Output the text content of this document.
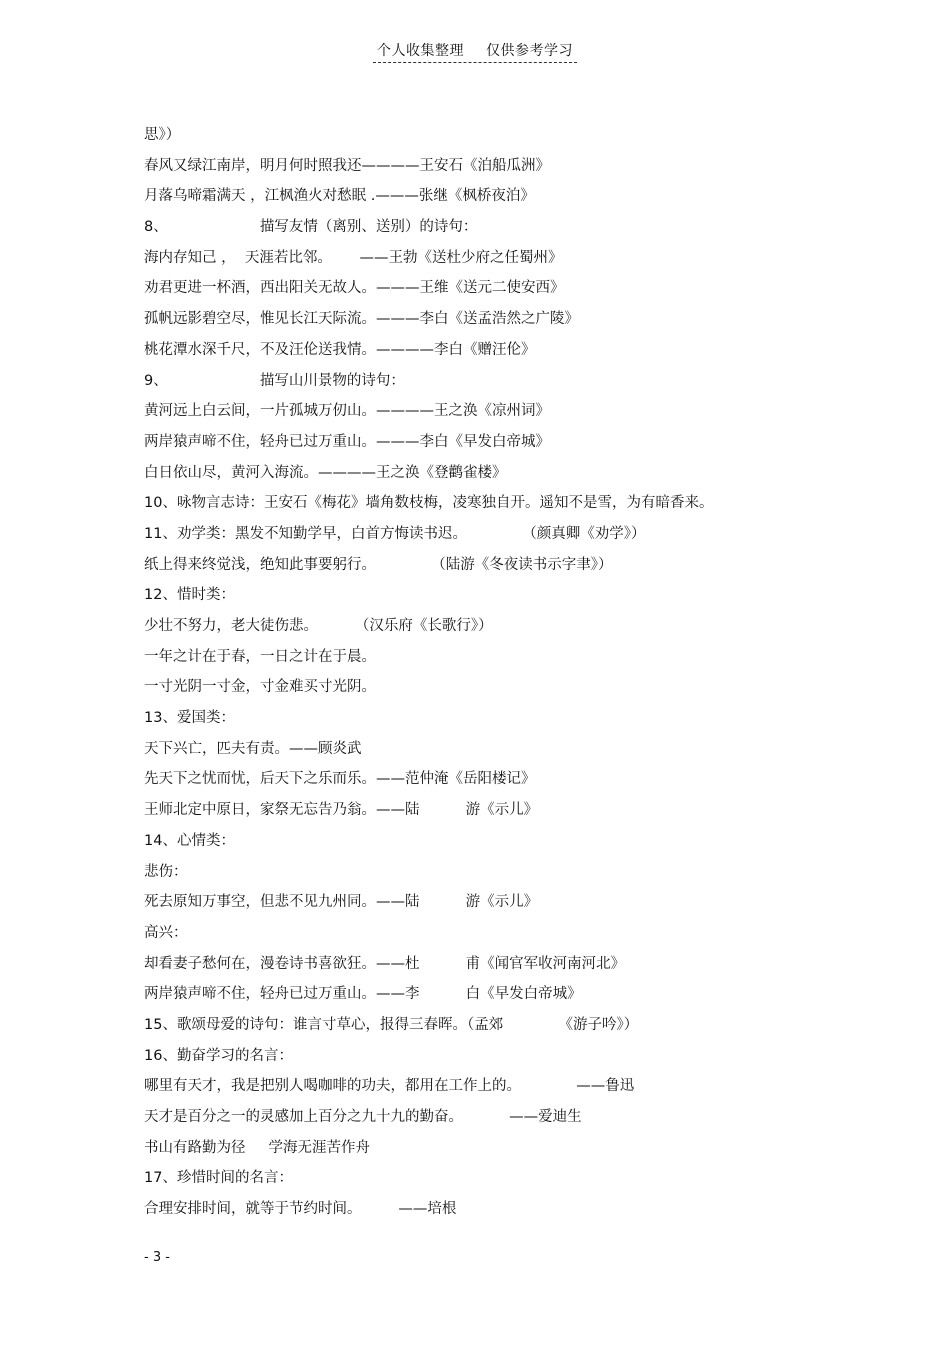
个人收集整理 仅供参考学习
思》）
春风又绿江南岸，明月何时照我还————王安石《泊船瓜洲》
月落乌啼霜满天 ，江枫渔火对愁眠 .———张继《枫桥夜泊》
8、                    描写友情（离别、送别）的诗句：
海内存知己 ，  天涯若比邻。      ——王勃《送杜少府之任蜀州》
劝君更进一杯酒，西出阳关无故人。———王维《送元二使安西》
孤帆远影碧空尽，惟见长江天际流。———李白《送孟浩然之广陵》
桃花潭水深千尺，不及汪伦送我情。————李白《赠汪伦》
9、                    描写山川景物的诗句：
黄河远上白云间，一片孤城万仞山。————王之涣《凉州词》
两岸猿声啼不住，轻舟已过万重山。———李白《早发白帝城》
白日依山尽，黄河入海流。————王之涣《登鹳雀楼》
10、咏物言志诗：王安石《梅花》墙角数枝梅，凌寒独自开。遥知不是雪，为有暗香来。
11、劝学类：黑发不知勤学早，白首方悔读书迟。            （颜真卿《劝学》）
纸上得来终觉浅，绝知此事要躬行。            （陆游《冬夜读书示字聿》）
12、惜时类：
少壮不努力，老大徒伤悲。        （汉乐府《长歌行》）
一年之计在于春，一日之计在于晨。
一寸光阴一寸金，寸金难买寸光阴。
13、爱国类：
天下兴亡，匹夫有责。——顾炎武
先天下之忧而忧，后天下之乐而乐。——范仲淹《岳阳楼记》
王师北定中原日，家祭无忘告乃翁。——陆          游《示儿》
14、心情类：
悲伤：
死去原知万事空，但悲不见九州同。——陆          游《示儿》
高兴：
却看妻子愁何在，漫卷诗书喜欲狂。——杜          甫《闻官军收河南河北》
两岸猿声啼不住，轻舟已过万重山。——李          白《早发白帝城》
15、歌颂母爱的诗句：谁言寸草心，报得三春晖。（孟郊            《游子吟》）
16、勤奋学习的名言：
哪里有天才，我是把别人喝咖啡的功夫，都用在工作上的。            ——鲁迅
天才是百分之一的灵感加上百分之九十九的勤奋。          ——爱迪生
书山有路勤为径     学海无涯苦作舟
17、珍惜时间的名言：
合理安排时间，就等于节约时间。        ——培根
- 3 -
